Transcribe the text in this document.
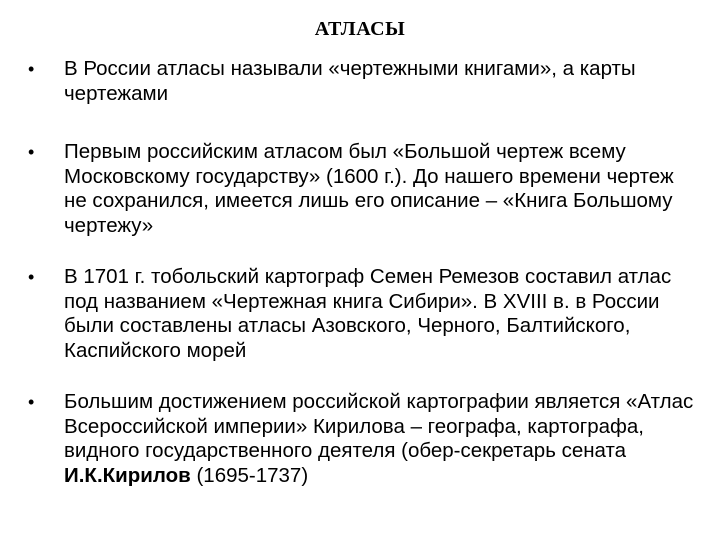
АТЛАСЫ
•	В России атласы называли «чертежными книгами», а карты чертежами
•	Первым российским атласом был «Большой чертеж всему Московскому государству» (1600 г.). До нашего времени чертеж не сохранился, имеется лишь его описание – «Книга Большому чертежу»
•	В 1701 г. тобольский картограф Семен Ремезов составил атлас под названием «Чертежная книга Сибири». В XVIII в. в России были составлены атласы Азовского, Черного, Балтийского, Каспийского морей
•	Большим достижением российской картографии является «Атлас Всероссийской империи» Кирилова – географа, картографа, видного государственного деятеля (обер-секретарь сената И.К.Кирилов (1695-1737)
